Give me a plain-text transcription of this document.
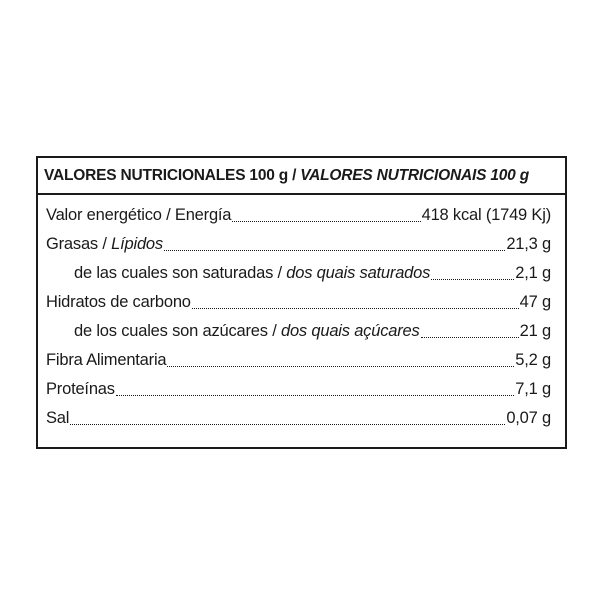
VALORES NUTRICIONALES 100 g / VALORES NUTRICIONAIS 100 g
Valor energético / Energía	418 kcal (1749 Kj)
Grasas / Lípidos	21,3 g
de las cuales son saturadas / dos quais saturados	2,1 g
Hidratos de carbono	47 g
de los cuales son azúcares / dos quais açúcares	21 g
Fibra Alimentaria	5,2 g
Proteínas	7,1 g
Sal	0,07 g
